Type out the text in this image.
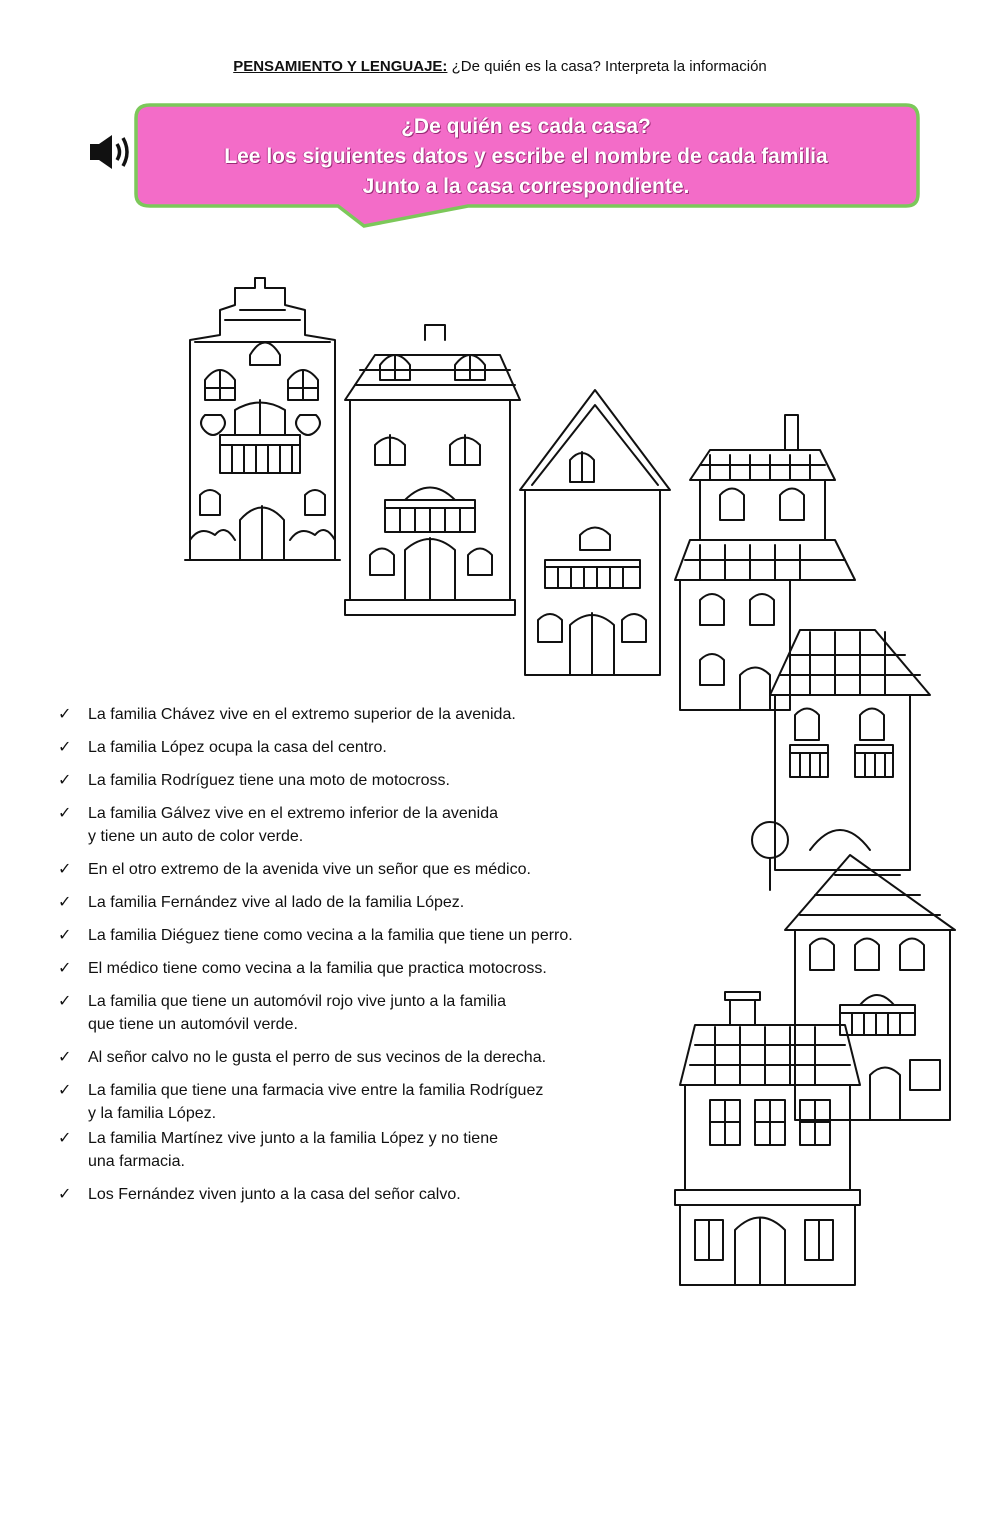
PENSAMIENTO Y LENGUAJE: ¿De quién es la casa? Interpreta la información
¿De quién es cada casa?
Lee los siguientes datos y escribe el nombre de cada familia
Junto a la casa correspondiente.
✓ La familia Chávez vive en el extremo superior de la avenida.
✓ La familia López ocupa la casa del centro.
✓ La familia Rodríguez tiene una moto de motocross.
✓ La familia Gálvez vive en el extremo inferior de la avenida
y tiene un auto de color verde.
✓ En el otro extremo de la avenida vive un señor que es médico.
✓ La familia Fernández vive al lado de la familia López.
✓ La familia Diéguez tiene como vecina a la familia que tiene un perro.
✓ El médico tiene como vecina a la familia que practica motocross.
✓ La familia que tiene un automóvil rojo vive junto a la familia
que tiene un automóvil verde.
✓ Al señor calvo no le gusta el perro de sus vecinos de la derecha.
✓ La familia que tiene una farmacia vive entre la familia Rodríguez
y la familia López.
✓ La familia Martínez vive junto a la familia López y no tiene
una farmacia.
✓ Los Fernández viven junto a la casa del señor calvo.
